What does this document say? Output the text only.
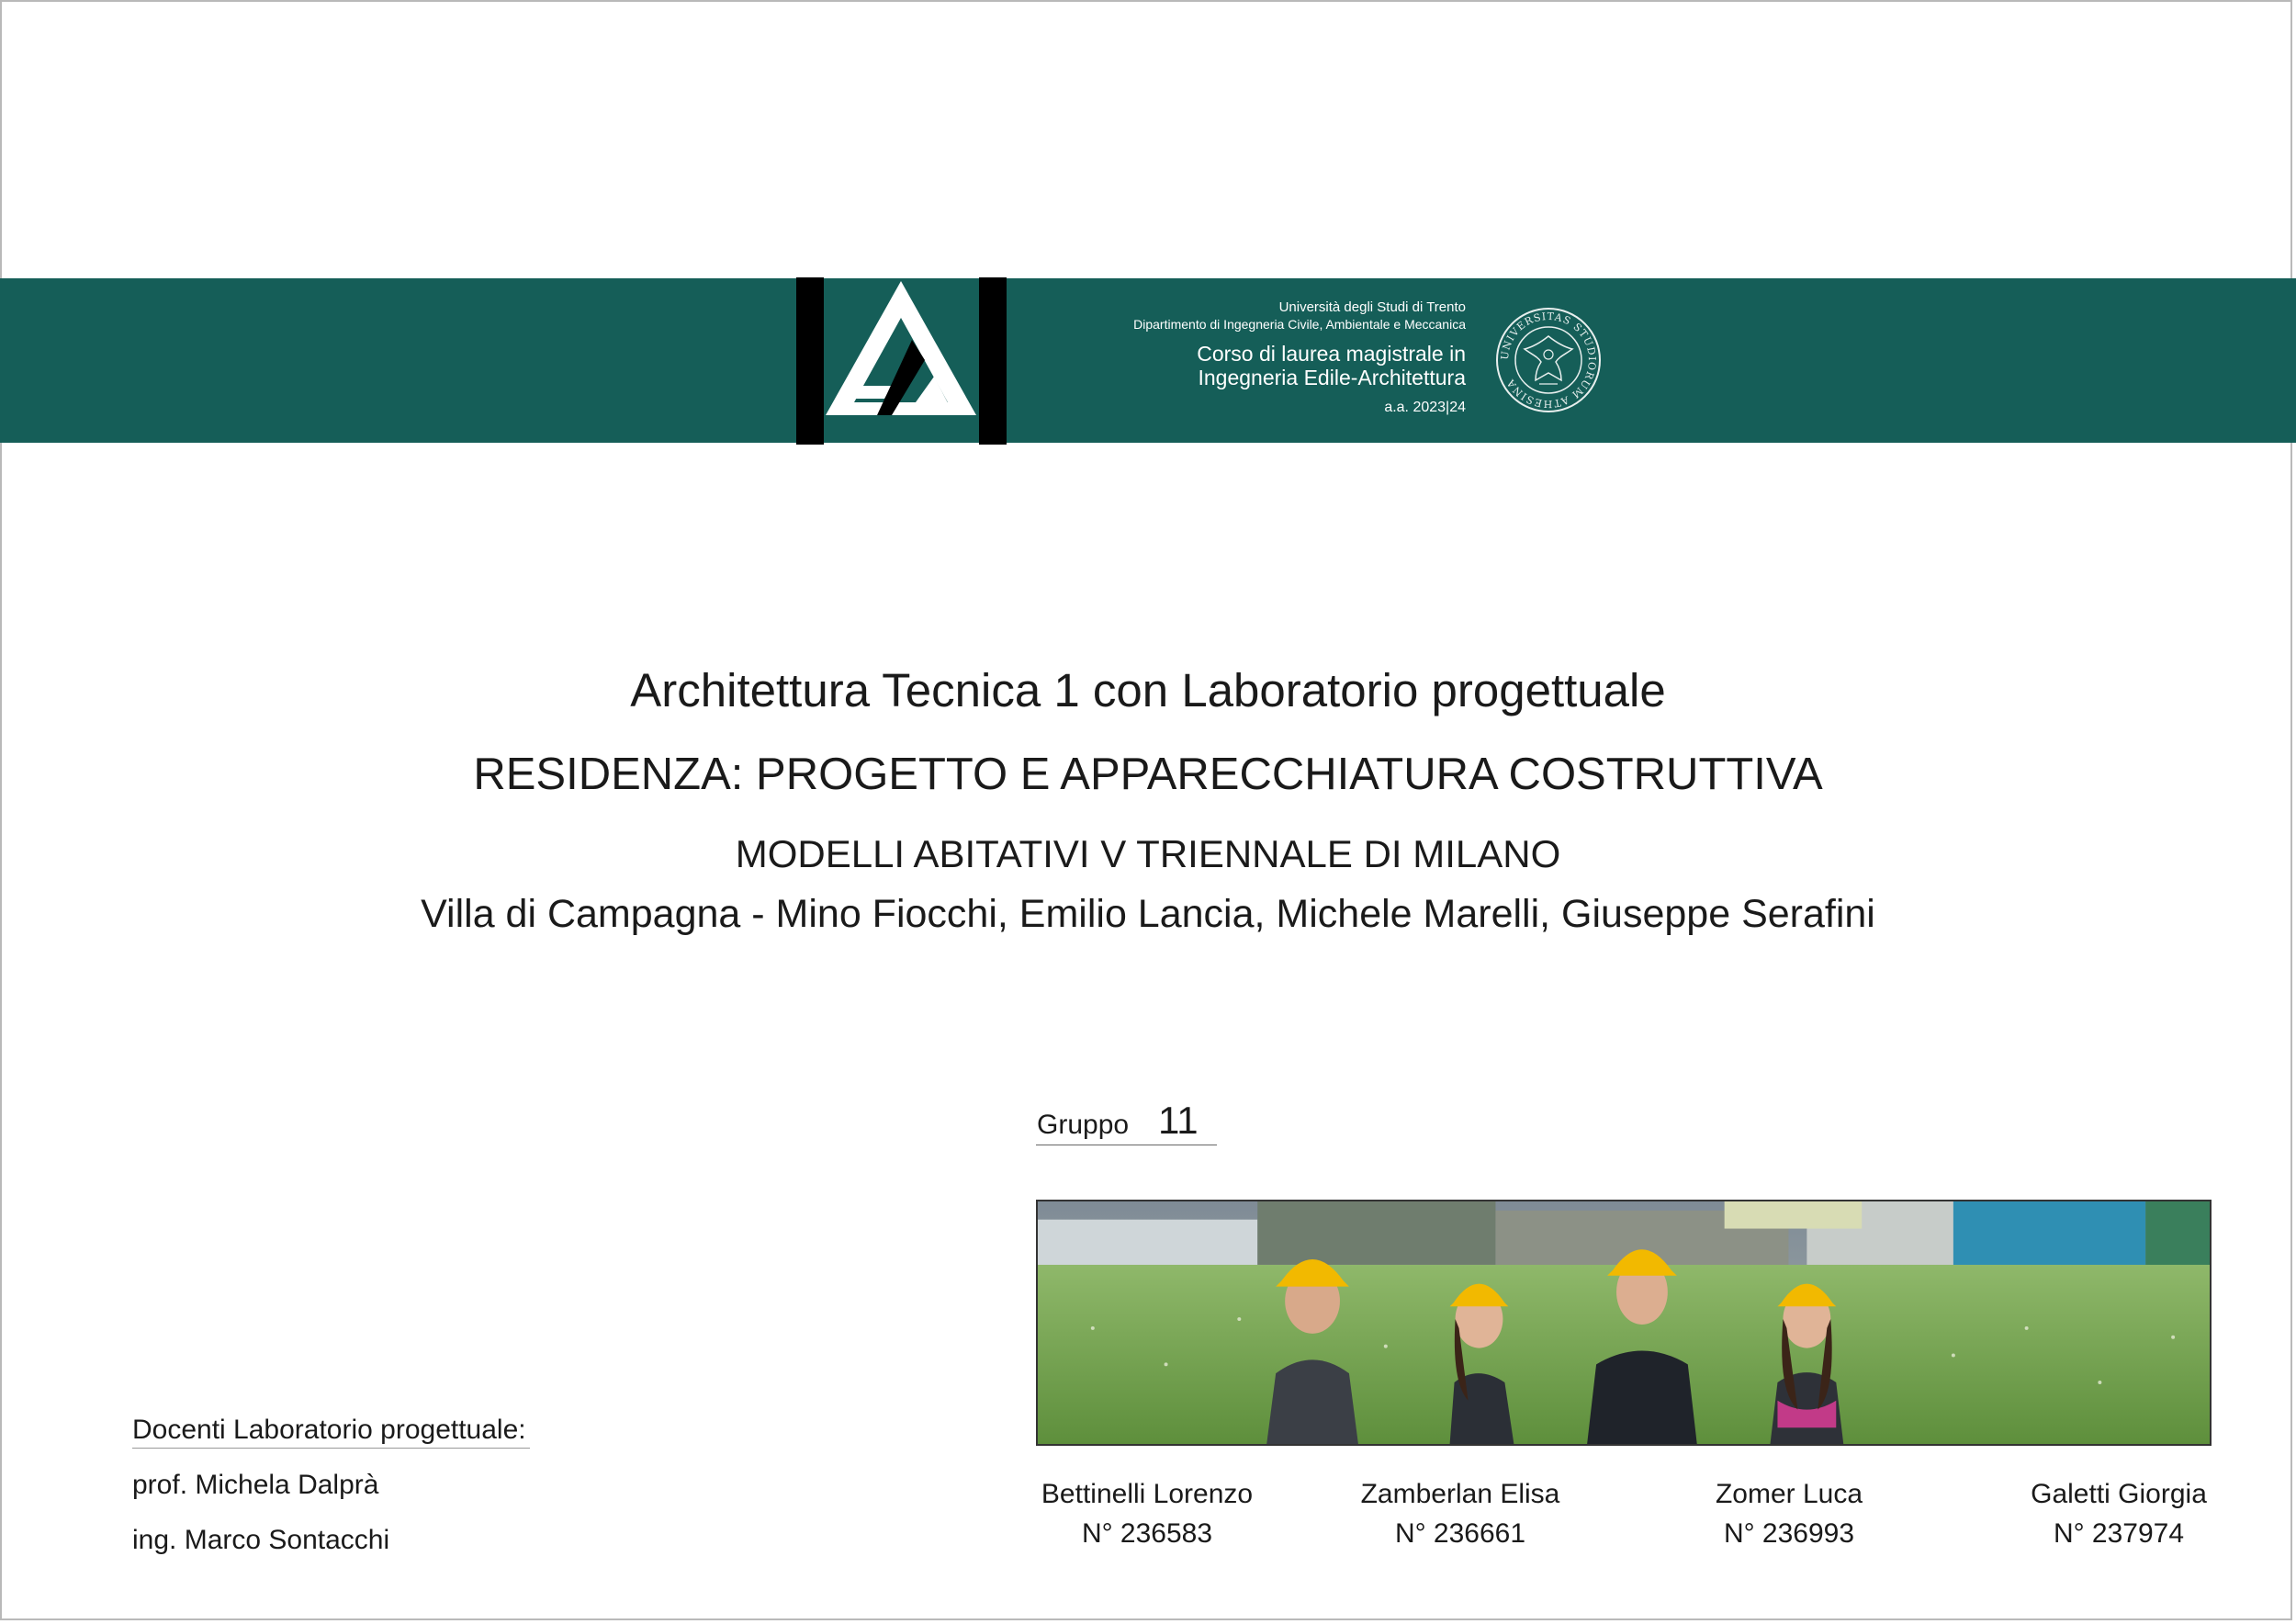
Università degli Studi di Trento
Dipartimento di Ingegneria Civile, Ambientale e Meccanica
Corso di laurea magistrale in
Ingegneria Edile-Architettura
a.a. 2023|24
UNIVERSITAS STUDIORUM ATHESINA
Architettura Tecnica 1 con Laboratorio progettuale
RESIDENZA: PROGETTO E APPARECCHIATURA COSTRUTTIVA
MODELLI ABITATIVI V TRIENNALE DI MILANO
Villa di Campagna - Mino Fiocchi, Emilio Lancia, Michele Marelli, Giuseppe Serafini
Gruppo 11
Bettinelli Lorenzo
N° 236583
Zamberlan Elisa
N° 236661
Zomer Luca
N° 236993
Galetti Giorgia
N° 237974
Docenti Laboratorio progettuale:
prof. Michela Dalprà
ing. Marco Sontacchi
